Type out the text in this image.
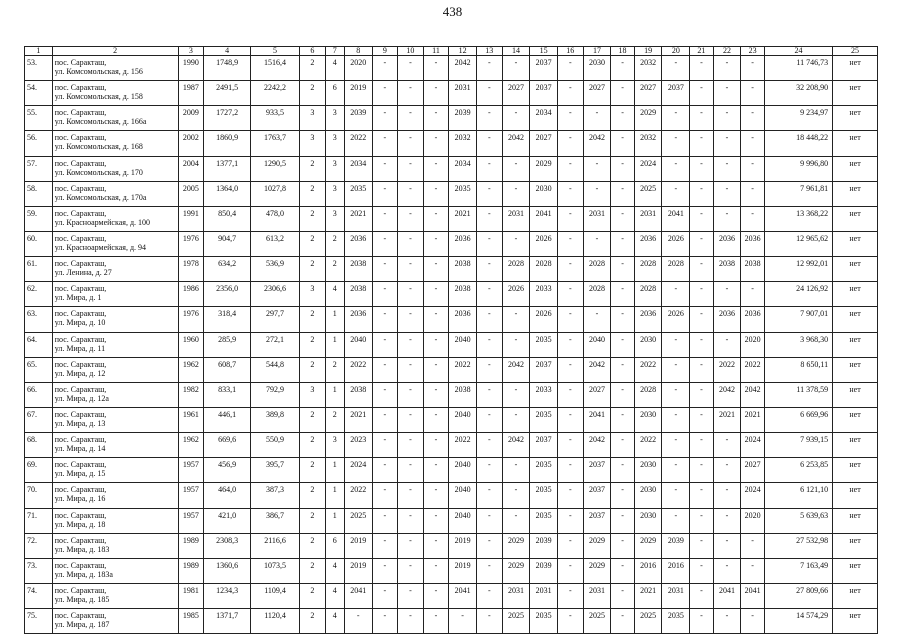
438
1	2	3	4	5	6	7	8	9	10	11	12	13	14	15	16	17	18	19	20	21	22	23	24	25
53.	пос. Саракташ,
ул. Комсомольская, д. 156	1990	1748,9	1516,4	2	4	2020	-	-	-	2042	-	-	2037	-	2030	-	2032	-	-	-	-	11 746,73	нет
54.	пос. Саракташ,
ул. Комсомольская, д. 158	1987	2491,5	2242,2	2	6	2019	-	-	-	2031	-	2027	2037	-	2027	-	2027	2037	-	-	-	32 208,90	нет
55.	пос. Саракташ,
ул. Комсомольская, д. 166а	2009	1727,2	933,5	3	3	2039	-	-	-	2039	-	-	2034	-	-	-	2029	-	-	-	-	9 234,97	нет
56.	пос. Саракташ,
ул. Комсомольская, д. 168	2002	1860,9	1763,7	3	3	2022	-	-	-	2032	-	2042	2027	-	2042	-	2032	-	-	-	-	18 448,22	нет
57.	пос. Саракташ,
ул. Комсомольская, д. 170	2004	1377,1	1290,5	2	3	2034	-	-	-	2034	-	-	2029	-	-	-	2024	-	-	-	-	9 996,80	нет
58.	пос. Саракташ,
ул. Комсомольская, д. 170а	2005	1364,0	1027,8	2	3	2035	-	-	-	2035	-	-	2030	-	-	-	2025	-	-	-	-	7 961,81	нет
59.	пос. Саракташ,
ул. Красноармейская, д. 100	1991	850,4	478,0	2	3	2021	-	-	-	2021	-	2031	2041	-	2031	-	2031	2041	-	-	-	13 368,22	нет
60.	пос. Саракташ,
ул. Красноармейская, д. 94	1976	904,7	613,2	2	2	2036	-	-	-	2036	-	-	2026	-	-	-	2036	2026	-	2036	2036	12 965,62	нет
61.	пос. Саракташ,
ул. Ленина, д. 27	1978	634,2	536,9	2	2	2038	-	-	-	2038	-	2028	2028	-	2028	-	2028	2028	-	2038	2038	12 992,01	нет
62.	пос. Саракташ,
ул. Мира, д. 1	1986	2356,0	2306,6	3	4	2038	-	-	-	2038	-	2026	2033	-	2028	-	2028	-	-	-	-	24 126,92	нет
63.	пос. Саракташ,
ул. Мира, д. 10	1976	318,4	297,7	2	1	2036	-	-	-	2036	-	-	2026	-	-	-	2036	2026	-	2036	2036	7 907,01	нет
64.	пос. Саракташ,
ул. Мира, д. 11	1960	285,9	272,1	2	1	2040	-	-	-	2040	-	-	2035	-	2040	-	2030	-	-	-	2020	3 968,30	нет
65.	пос. Саракташ,
ул. Мира, д. 12	1962	608,7	544,8	2	2	2022	-	-	-	2022	-	2042	2037	-	2042	-	2022	-	-	2022	2022	8 650,11	нет
66.	пос. Саракташ,
ул. Мира, д. 12а	1982	833,1	792,9	3	1	2038	-	-	-	2038	-	-	2033	-	2027	-	2028	-	-	2042	2042	11 378,59	нет
67.	пос. Саракташ,
ул. Мира, д. 13	1961	446,1	389,8	2	2	2021	-	-	-	2040	-	-	2035	-	2041	-	2030	-	-	2021	2021	6 669,96	нет
68.	пос. Саракташ,
ул. Мира, д. 14	1962	669,6	550,9	2	3	2023	-	-	-	2022	-	2042	2037	-	2042	-	2022	-	-	-	2024	7 939,15	нет
69.	пос. Саракташ,
ул. Мира, д. 15	1957	456,9	395,7	2	1	2024	-	-	-	2040	-	-	2035	-	2037	-	2030	-	-	-	2027	6 253,85	нет
70.	пос. Саракташ,
ул. Мира, д. 16	1957	464,0	387,3	2	1	2022	-	-	-	2040	-	-	2035	-	2037	-	2030	-	-	-	2024	6 121,10	нет
71.	пос. Саракташ,
ул. Мира, д. 18	1957	421,0	386,7	2	1	2025	-	-	-	2040	-	-	2035	-	2037	-	2030	-	-	-	2020	5 639,63	нет
72.	пос. Саракташ,
ул. Мира, д. 183	1989	2308,3	2116,6	2	6	2019	-	-	-	2019	-	2029	2039	-	2029	-	2029	2039	-	-	-	27 532,98	нет
73.	пос. Саракташ,
ул. Мира, д. 183а	1989	1360,6	1073,5	2	4	2019	-	-	-	2019	-	2029	2039	-	2029	-	2016	2016	-	-	-	7 163,49	нет
74.	пос. Саракташ,
ул. Мира, д. 185	1981	1234,3	1109,4	2	4	2041	-	-	-	2041	-	2031	2031	-	2031	-	2021	2031	-	2041	2041	27 809,66	нет
75.	пос. Саракташ,
ул. Мира, д. 187	1985	1371,7	1120,4	2	4	-	-	-	-	-	-	2025	2035	-	2025	-	2025	2035	-	-	-	14 574,29	нет
